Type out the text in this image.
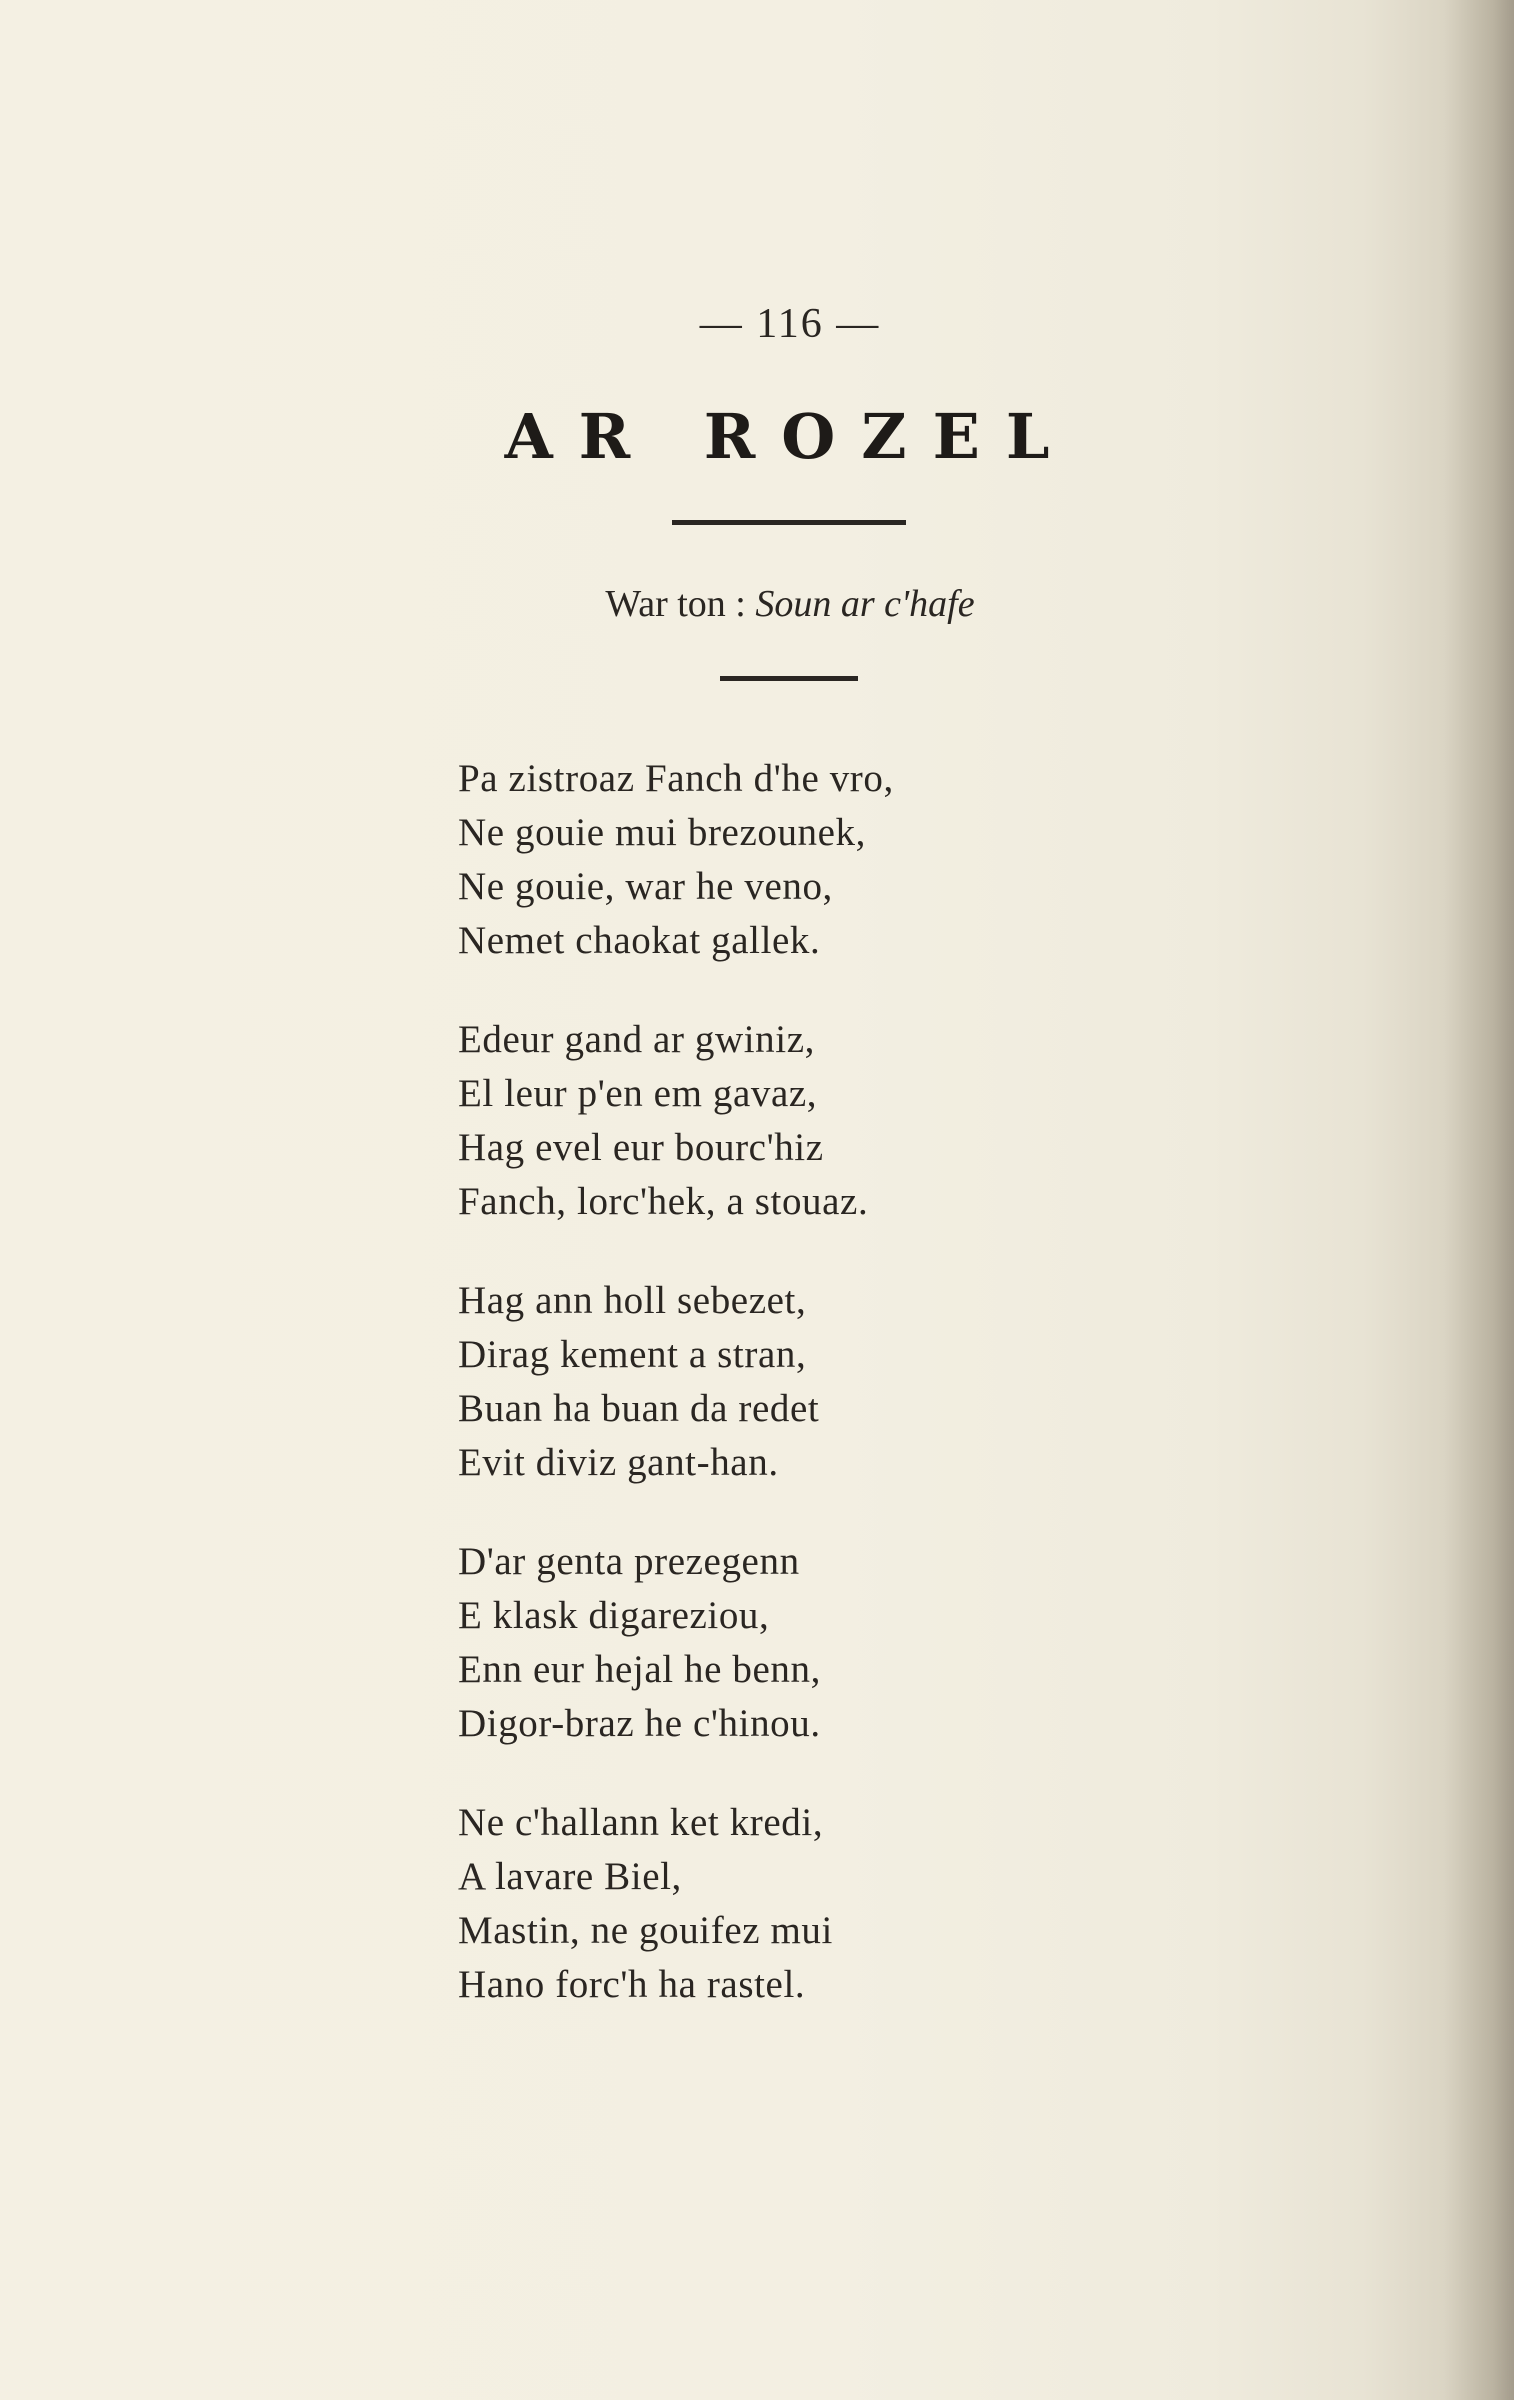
— 116 —
AR ROZEL
War ton : Soun ar c'hafe
Pa zistroaz Fanch d'he vro,
Ne gouie mui brezounek,
Ne gouie, war he veno,
Nemet chaokat gallek.
Edeur gand ar gwiniz,
El leur p'en em gavaz,
Hag evel eur bourc'hiz
Fanch, lorc'hek, a stouaz.
Hag ann holl sebezet,
Dirag kement a stran,
Buan ha buan da redet
Evit diviz gant-han.
D'ar genta prezegenn
E klask digareziou,
Enn eur hejal he benn,
Digor-braz he c'hinou.
Ne c'hallann ket kredi,
A lavare Biel,
Mastin, ne gouifez mui
Hano forc'h ha rastel.
